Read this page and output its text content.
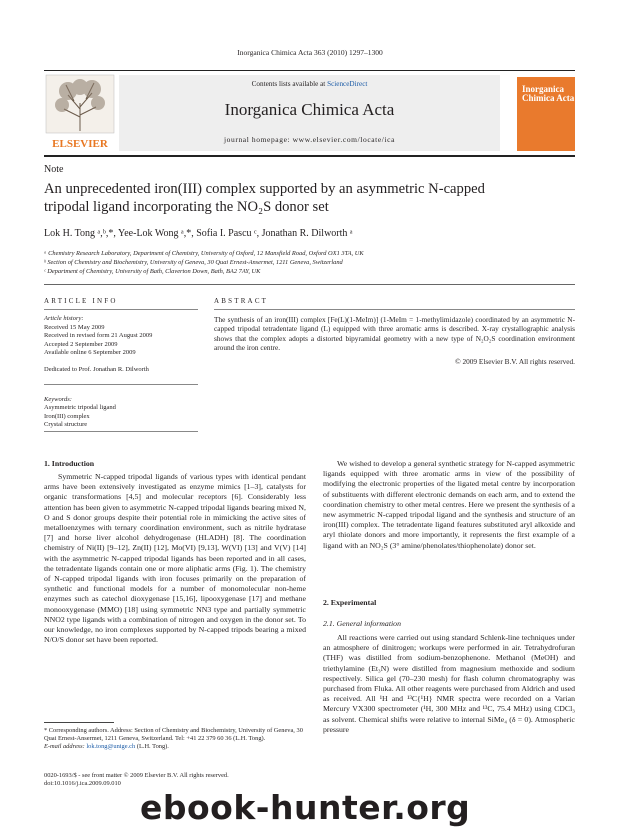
Inorganica Chimica Acta 363 (2010) 1297–1300
ELSEVIER
Contents lists available at ScienceDirect
Inorganica Chimica Acta
journal homepage: www.elsevier.com/locate/ica
Inorganica Chimica Acta
Note
An unprecedented iron(III) complex supported by an asymmetric N-capped
tripodal ligand incorporating the NO₂S donor set
Lok H. Tong ᵃ,ᵇ,*, Yee-Lok Wong ᵃ,*, Sofia I. Pascu ᶜ, Jonathan R. Dilworth ᵃ
ᵃ Chemistry Research Laboratory, Department of Chemistry, University of Oxford, 12 Mansfield Road, Oxford OX1 3TA, UK
ᵇ Section of Chemistry and Biochemistry, University of Geneva, 30 Quai Ernest-Ansermet, 1211 Geneva, Switzerland
ᶜ Department of Chemistry, University of Bath, Claverton Down, Bath, BA2 7AY, UK
ARTICLE INFO	ABSTRACT
Article history:
Received 15 May 2009
Received in revised form 21 August 2009
Accepted 2 September 2009
Available online 6 September 2009
Dedicated to Prof. Jonathan R. Dilworth
Keywords:
Asymmetric tripodal ligand
Iron(III) complex
Crystal structure
The synthesis of an iron(III) complex [Fe(L)(1-MeIm)] (1-MeIm = 1-methylimidazole) coordinated by an asymmetric N-capped tripodal tetradentate ligand (L) equipped with three aromatic arms is described. X-ray crystallographic analysis shows that the complex adopts a distorted bipyramidal geometry with a new type of N₂O₂S coordination environment around the iron centre.
© 2009 Elsevier B.V. All rights reserved.
1. Introduction
Symmetric N-capped tripodal ligands of various types with identical pendant arms have been extensively investigated as enzyme mimics [1–3], catalysts for organic transformations [4,5] and molecular receptors [6]. Considerably less attention has been given to asymmetric N-capped tripodal ligands bearing mixed N, O and S donor groups despite their potential role in mimicking the active sites of metalloenzymes with ternary coordination environment, such as nitrile hydratase [7] and horse liver alcohol dehydrogenase (HLADH) [8]. The coordination chemistry of Ni(II) [9–12], Zn(II) [12], Mo(VI) [9,13], W(VI) [13] and V(V) [14] with the asymmetric N-capped tripodal ligands has been reported and in all cases, the tetradentate ligands contain one or more aliphatic arms (Fig. 1). The chemistry of N-capped tripodal ligands with iron focuses primarily on the preparation of synthetic and functional models for a number of monomolecular non-heme enzymes such as catechol dioxygenase [15,16], lipooxygenase [17] and methane monooxygenase (MMO) [18] using symmetric NN3 type and partially symmetric NNO2 type ligands with a combination of nitrogen and oxygen in the donor set. To our knowledge, no iron complexes supported by N-capped tripods bearing a mixed N/O/S donor set have been reported.
We wished to develop a general synthetic strategy for N-capped asymmetric ligands equipped with three aromatic arms in view of the possibility of modifying the electronic properties of the ligated metal centre by incorporation of substituents with different electronic demands on each arm, and to extend the coordination chemistry to other metal centres. Here we present the synthesis of a new asymmetric N-capped tripodal ligand and the synthesis and structure of an iron(III) complex. The tetradentate ligand features substituted aryl alkoxide and aryl thiolate donors and more importantly, it represents the first example of a ligand with an NO₂S (3° amine/phenolates/thiophenolate) donor set.
2. Experimental
2.1. General information
All reactions were carried out using standard Schlenk-line techniques under an atmosphere of dinitrogen; workups were performed in air. Tetrahydrofuran (THF) was distilled from sodium-benzophenone. Methanol (MeOH) and triethylamine (Et₃N) were distilled from magnesium methoxide and sodium respectively. Silica gel (70–230 mesh) for flash column chromatography was purchased from Fluka. All other reagents were purchased from Aldrich and used as received. All ¹H and ¹³C{¹H} NMR spectra were recorded on a Varian Mercury VX300 spectrometer (¹H, 300 MHz and ¹³C, 75.4 MHz) using CDCl₃ as solvent. Chemical shifts were relative to internal SiMe₄ (δ = 0). Atmospheric pressure
* Corresponding authors. Address: Section of Chemistry and Biochemistry, University of Geneva, 30 Quai Ernest-Ansermet, 1211 Geneva, Switzerland. Tel: +41 22 379 60 36 (L.H. Tong).
E-mail address: lok.tong@unige.ch (L.H. Tong).
0020-1693/$ - see front matter © 2009 Elsevier B.V. All rights reserved.
doi:10.1016/j.ica.2009.09.010
ebook-hunter.org
